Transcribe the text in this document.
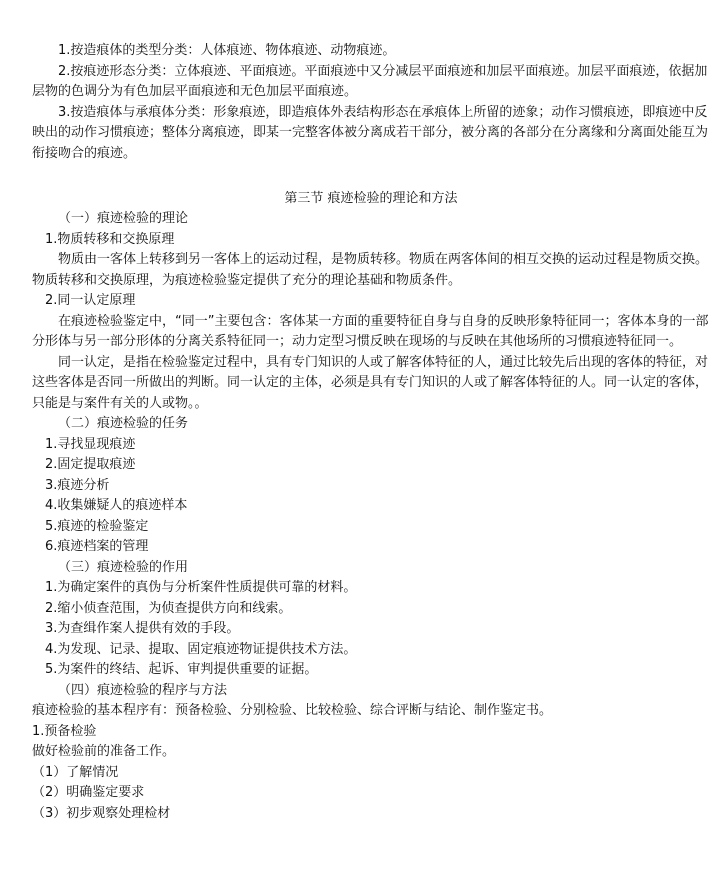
1.按造痕体的类型分类：人体痕迹、物体痕迹、动物痕迹。

2.按痕迹形态分类：立体痕迹、平面痕迹。平面痕迹中又分减层平面痕迹和加层平面痕迹。加层平面痕迹，依据加层物的色调分为有色加层平面痕迹和无色加层平面痕迹。

3.按造痕体与承痕体分类：形象痕迹，即造痕体外表结构形态在承痕体上所留的迹象；动作习惯痕迹，即痕迹中反映出的动作习惯痕迹；整体分离痕迹，即某一完整客体被分离成若干部分，被分离的各部分在分离缘和分离面处能互为衔接吻合的痕迹。

第三节 痕迹检验的理论和方法

（一）痕迹检验的理论

1.物质转移和交换原理

物质由一客体上转移到另一客体上的运动过程，是物质转移。物质在两客体间的相互交换的运动过程是物质交换。物质转移和交换原理，为痕迹检验鉴定提供了充分的理论基础和物质条件。

2.同一认定原理

在痕迹检验鉴定中，“同一”主要包含：客体某一方面的重要特征自身与自身的反映形象特征同一；客体本身的一部分形体与另一部分形体的分离关系特征同一；动力定型习惯反映在现场的与反映在其他场所的习惯痕迹特征同一。

同一认定，是指在检验鉴定过程中，具有专门知识的人或了解客体特征的人，通过比较先后出现的客体的特征，对这些客体是否同一所做出的判断。同一认定的主体，必须是具有专门知识的人或了解客体特征的人。同一认定的客体，只能是与案件有关的人或物。。

（二）痕迹检验的任务

1.寻找显现痕迹

2.固定提取痕迹

3.痕迹分析

4.收集嫌疑人的痕迹样本

5.痕迹的检验鉴定

6.痕迹档案的管理

（三）痕迹检验的作用

1.为确定案件的真伪与分析案件性质提供可靠的材料。

2.缩小侦查范围，为侦查提供方向和线索。

3.为查缉作案人提供有效的手段。

4.为发现、记录、提取、固定痕迹物证提供技术方法。

5.为案件的终结、起诉、审判提供重要的证据。

（四）痕迹检验的程序与方法

痕迹检验的基本程序有：预备检验、分别检验、比较检验、综合评断与结论、制作鉴定书。

1.预备检验

做好检验前的准备工作。

（1）了解情况

（2）明确鉴定要求

（3）初步观察处理检材
